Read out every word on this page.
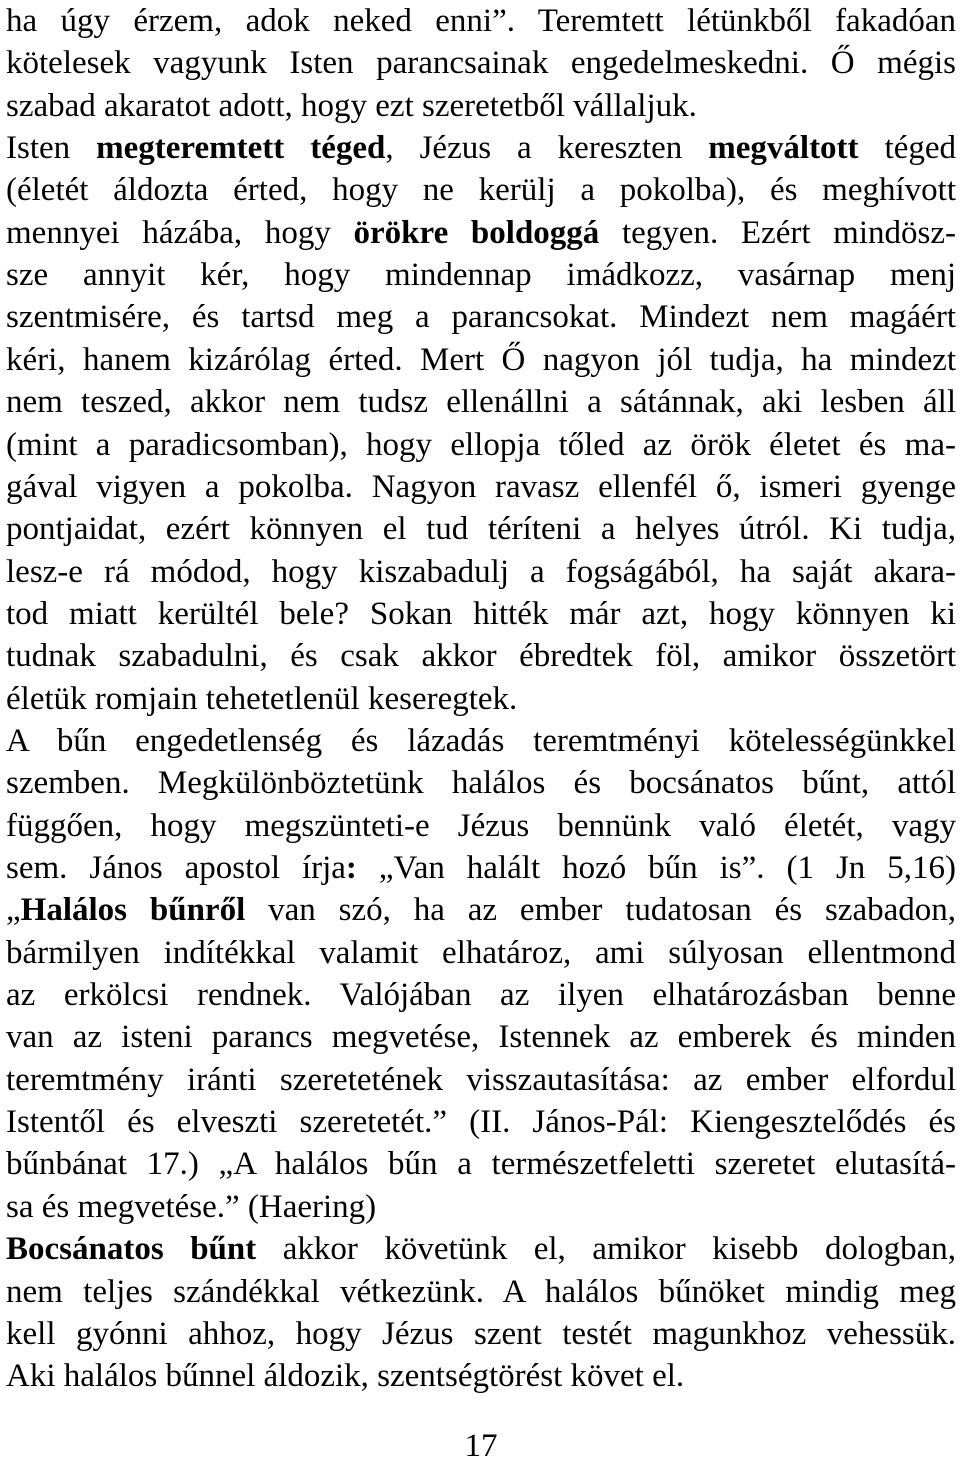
ha úgy érzem, adok neked enni”. Teremtett létünkből fakadóan
kötelesek vagyunk Isten parancsainak engedelmeskedni. Ő mégis
szabad akaratot adott, hogy ezt szeretetből vállaljuk.
Isten megteremtett téged, Jézus a kereszten megváltott téged
(életét áldozta érted, hogy ne kerülj a pokolba), és meghívott
mennyei házába, hogy örökre boldoggá tegyen. Ezért mindösz-
sze annyit kér, hogy mindennap imádkozz, vasárnap menj
szentmisére, és tartsd meg a parancsokat. Mindezt nem magáért
kéri, hanem kizárólag érted. Mert Ő nagyon jól tudja, ha mindezt
nem teszed, akkor nem tudsz ellenállni a sátánnak, aki lesben áll
(mint a paradicsomban), hogy ellopja tőled az örök életet és ma-
gával vigyen a pokolba. Nagyon ravasz ellenfél ő, ismeri gyenge
pontjaidat, ezért könnyen el tud téríteni a helyes útról. Ki tudja,
lesz-e rá módod, hogy kiszabadulj a fogságából, ha saját akara-
tod miatt kerültél bele? Sokan hitték már azt, hogy könnyen ki
tudnak szabadulni, és csak akkor ébredtek föl, amikor összetört
életük romjain tehetetlenül keseregtek.
A bűn engedetlenség és lázadás teremtményi kötelességünkkel
szemben. Megkülönböztetünk halálos és bocsánatos bűnt, attól
függően, hogy megszünteti-e Jézus bennünk való életét, vagy
sem. János apostol írja: „Van halált hozó bűn is”. (1 Jn 5,16)
„Halálos bűnről van szó, ha az ember tudatosan és szabadon,
bármilyen indítékkal valamit elhatároz, ami súlyosan ellentmond
az erkölcsi rendnek. Valójában az ilyen elhatározásban benne
van az isteni parancs megvetése, Istennek az emberek és minden
teremtmény iránti szeretetének visszautasítása: az ember elfordul
Istentől és elveszti szeretetét.” (II. János-Pál: Kiengesztelődés és
bűnbánat 17.) „A halálos bűn a természetfeletti szeretet elutasítá-
sa és megvetése.” (Haering)
Bocsánatos bűnt akkor követünk el, amikor kisebb dologban,
nem teljes szándékkal vétkezünk. A halálos bűnöket mindig meg
kell gyónni ahhoz, hogy Jézus szent testét magunkhoz vehessük.
Aki halálos bűnnel áldozik, szentségtörést követ el.
17
